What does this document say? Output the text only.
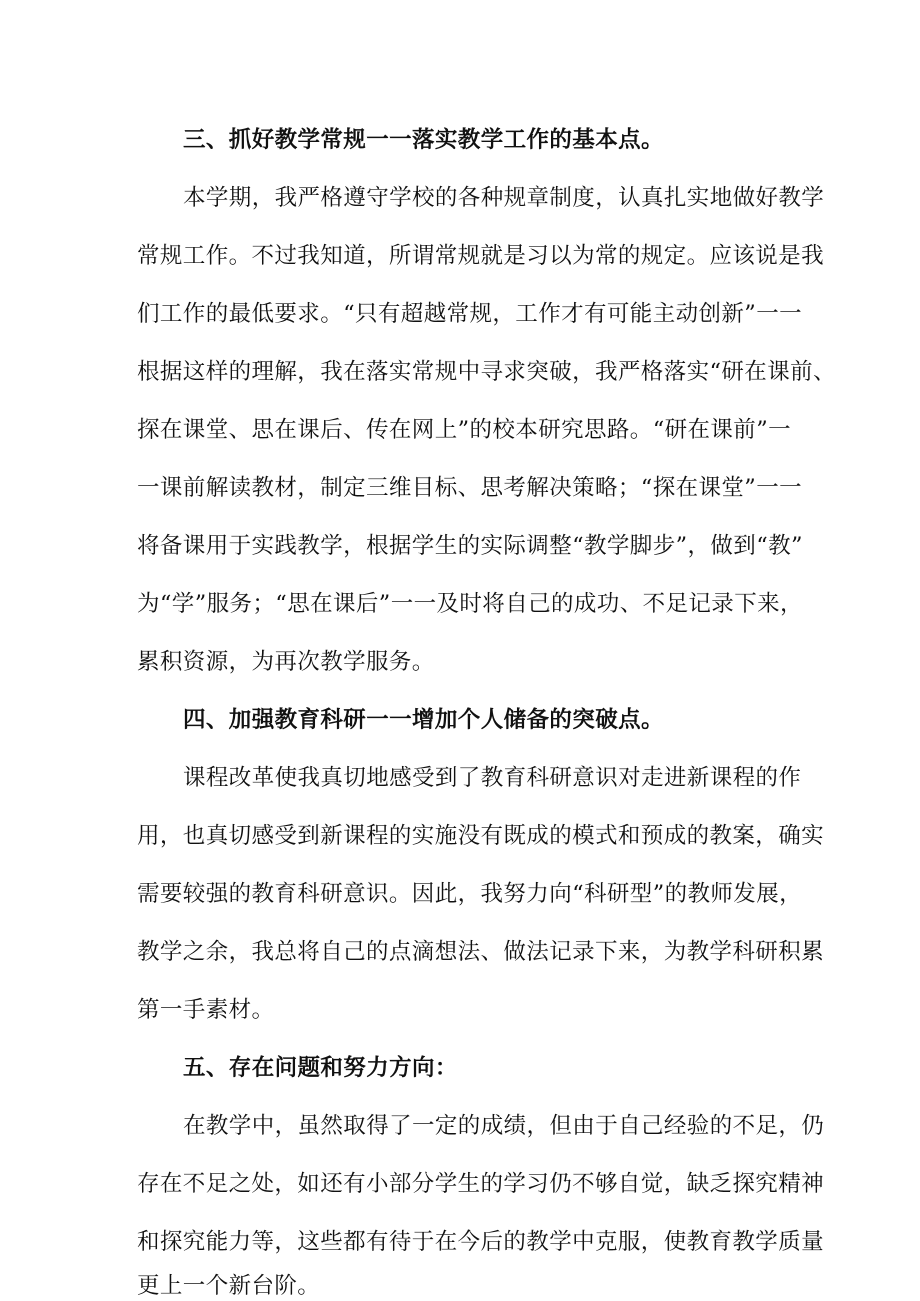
三、抓好教学常规一一落实教学工作的基本点。
本学期，我严格遵守学校的各种规章制度，认真扎实地做好教学
常规工作。不过我知道，所谓常规就是习以为常的规定。应该说是我
们工作的最低要求。“只有超越常规，工作才有可能主动创新”一一
根据这样的理解，我在落实常规中寻求突破，我严格落实“研在课前、
探在课堂、思在课后、传在网上”的校本研究思路。“研在课前”一
一课前解读教材，制定三维目标、思考解决策略；“探在课堂”一一
将备课用于实践教学，根据学生的实际调整“教学脚步”，做到“教”
为“学”服务；“思在课后”一一及时将自己的成功、不足记录下来，
累积资源，为再次教学服务。
四、加强教育科研一一增加个人储备的突破点。
课程改革使我真切地感受到了教育科研意识对走进新课程的作
用，也真切感受到新课程的实施没有既成的模式和预成的教案，确实
需要较强的教育科研意识。因此，我努力向“科研型”的教师发展，
教学之余，我总将自己的点滴想法、做法记录下来，为教学科研积累
第一手素材。
五、存在问题和努力方向：
在教学中，虽然取得了一定的成绩，但由于自己经验的不足，仍
存在不足之处，如还有小部分学生的学习仍不够自觉，缺乏探究精神
和探究能力等，这些都有待于在今后的教学中克服，使教育教学质量
更上一个新台阶。
